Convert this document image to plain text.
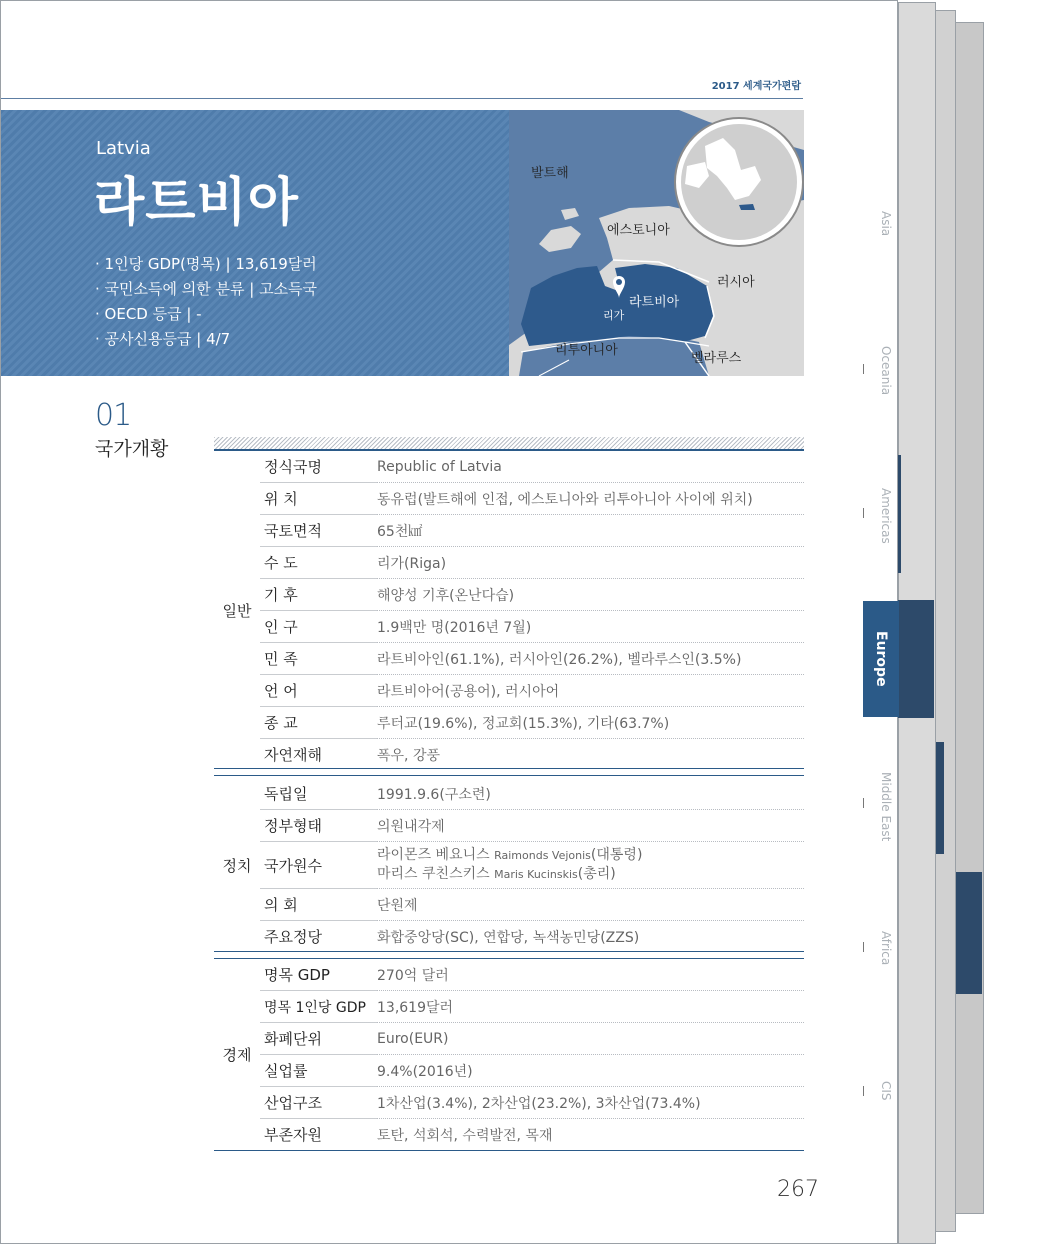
2017 세계국가편람
Latvia
라트비아
· 1인당 GDP(명목) | 13,619달러
· 국민소득에 의한 분류 | 고소득국
· OECD 등급 | -
· 공사신용등급 | 4/7
발트해
에스토니아
러시아
라트비아
리가
리투아니아
벨라루스
01
국가개황
일반	정식국명	Republic of Latvia
	위 치	동유럽(발트해에 인접, 에스토니아와 리투아니아 사이에 위치)
	국토면적	65천㎢
	수 도	리가(Riga)
	기 후	해양성 기후(온난다습)
	인 구	1.9백만 명(2016년 7월)
	민 족	라트비아인(61.1%), 러시아인(26.2%), 벨라루스인(3.5%)
	언 어	라트비아어(공용어), 러시아어
	종 교	루터교(19.6%), 정교회(15.3%), 기타(63.7%)
	자연재해	폭우, 강풍
정치	독립일	1991.9.6(구소련)
	정부형태	의원내각제
	국가원수	라이몬즈 베요니스 Raimonds Vejonis(대통령)
마리스 쿠친스키스 Maris Kucinskis(총리)

	의 회	단원제
	주요정당	화합중앙당(SC), 연합당, 녹색농민당(ZZS)
경제	명목 GDP	270억 달러
	명목 1인당 GDP	13,619달러
	화폐단위	Euro(EUR)
	실업률	9.4%(2016년)
	산업구조	1차산업(3.4%), 2차산업(23.2%), 3차산업(73.4%)
	부존자원	토탄, 석회석, 수력발전, 목재
267
Asia
Oceania
Americas
Europe
Middle East
Africa
CIS
